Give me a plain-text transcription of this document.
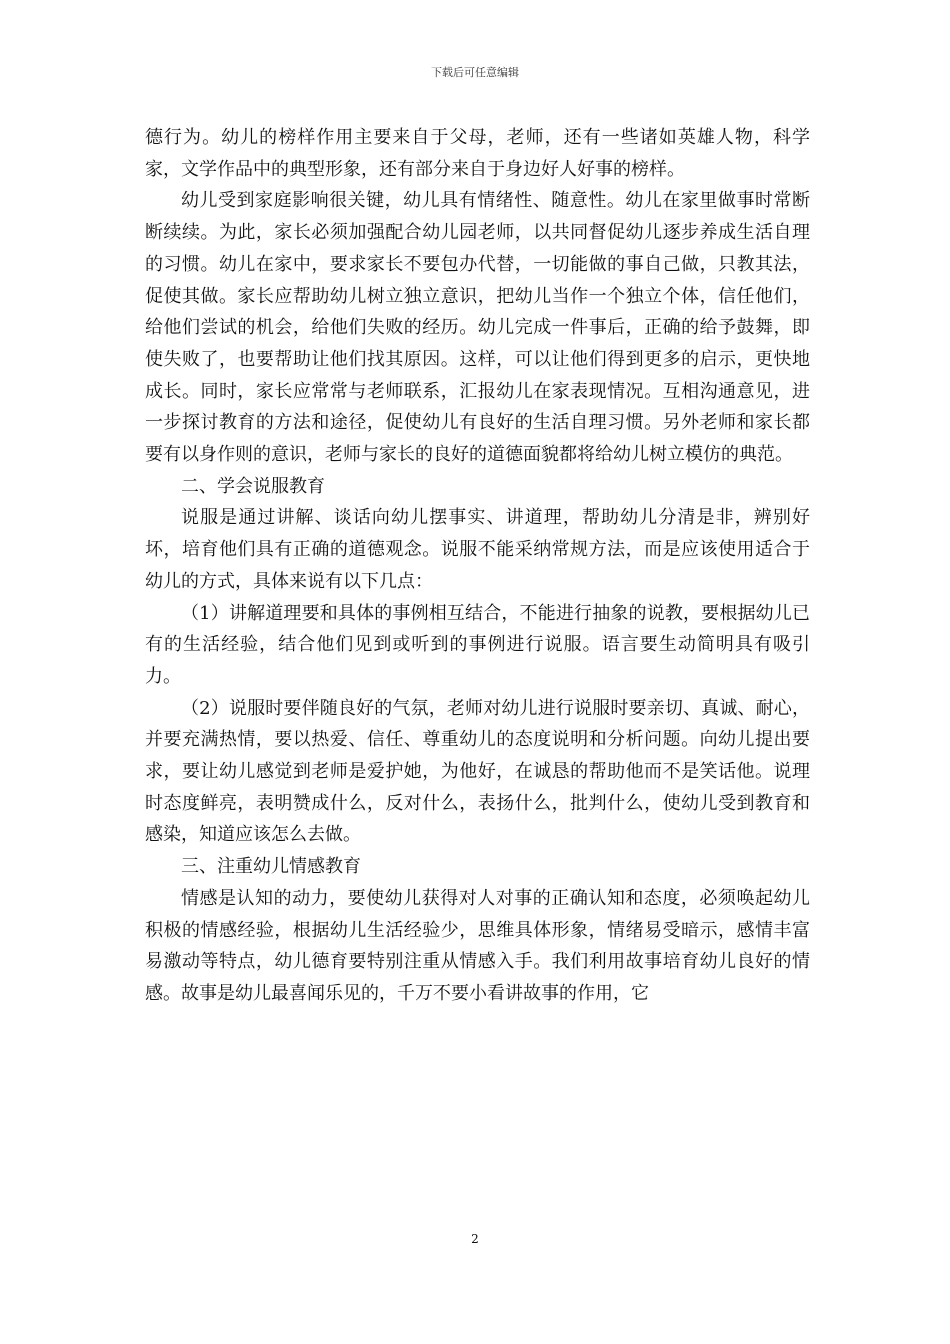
下载后可任意编辑

德行为。幼儿的榜样作用主要来自于父母，老师，还有一些诸如英雄人物，科学家，文学作品中的典型形象，还有部分来自于身边好人好事的榜样。

幼儿受到家庭影响很关键，幼儿具有情绪性、随意性。幼儿在家里做事时常断断续续。为此，家长必须加强配合幼儿园老师，以共同督促幼儿逐步养成生活自理的习惯。幼儿在家中，要求家长不要包办代替，一切能做的事自己做，只教其法，促使其做。家长应帮助幼儿树立独立意识，把幼儿当作一个独立个体，信任他们，给他们尝试的机会，给他们失败的经历。幼儿完成一件事后，正确的给予鼓舞，即使失败了，也要帮助让他们找其原因。这样，可以让他们得到更多的启示，更快地成长。同时，家长应常常与老师联系，汇报幼儿在家表现情况。互相沟通意见，进一步探讨教育的方法和途径，促使幼儿有良好的生活自理习惯。另外老师和家长都要有以身作则的意识，老师与家长的良好的道德面貌都将给幼儿树立模仿的典范。

二、学会说服教育

说服是通过讲解、谈话向幼儿摆事实、讲道理，帮助幼儿分清是非，辨别好坏，培育他们具有正确的道德观念。说服不能采纳常规方法，而是应该使用适合于幼儿的方式，具体来说有以下几点：

（1）讲解道理要和具体的事例相互结合，不能进行抽象的说教，要根据幼儿已有的生活经验，结合他们见到或听到的事例进行说服。语言要生动简明具有吸引力。

（2）说服时要伴随良好的气氛，老师对幼儿进行说服时要亲切、真诚、耐心，并要充满热情，要以热爱、信任、尊重幼儿的态度说明和分析问题。向幼儿提出要求，要让幼儿感觉到老师是爱护她，为他好，在诚恳的帮助他而不是笑话他。说理时态度鲜亮，表明赞成什么，反对什么，表扬什么，批判什么，使幼儿受到教育和感染，知道应该怎么去做。

三、注重幼儿情感教育

情感是认知的动力，要使幼儿获得对人对事的正确认知和态度，必须唤起幼儿积极的情感经验，根据幼儿生活经验少，思维具体形象，情绪易受暗示，感情丰富易激动等特点，幼儿德育要特别注重从情感入手。我们利用故事培育幼儿良好的情感。故事是幼儿最喜闻乐见的，千万不要小看讲故事的作用，它

2
